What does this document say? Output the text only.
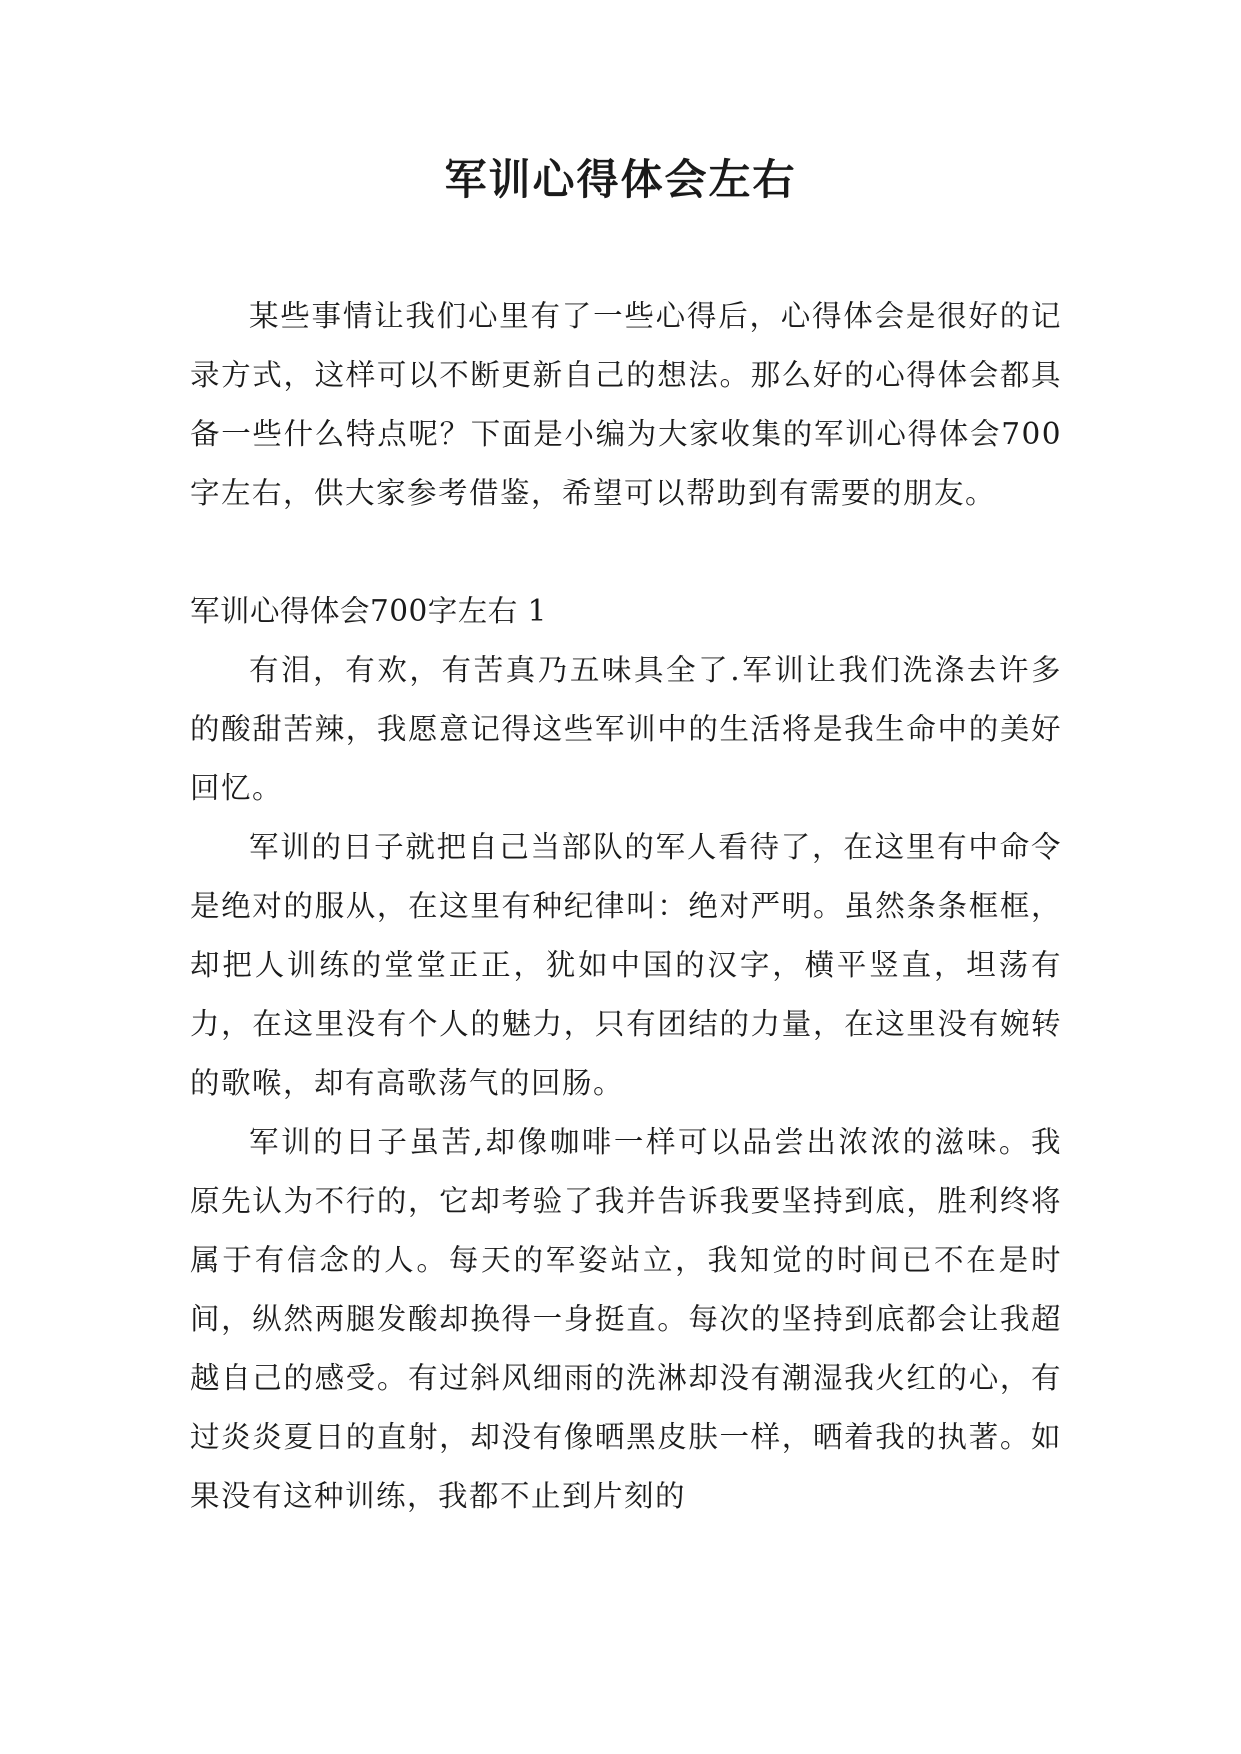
军训心得体会左右

某些事情让我们心里有了一些心得后，心得体会是很好的记录方式，这样可以不断更新自己的想法。那么好的心得体会都具备一些什么特点呢？下面是小编为大家收集的军训心得体会700字左右，供大家参考借鉴，希望可以帮助到有需要的朋友。

军训心得体会700字左右 1

有泪，有欢，有苦真乃五味具全了.军训让我们洗涤去许多的酸甜苦辣，我愿意记得这些军训中的生活将是我生命中的美好回忆。

军训的日子就把自己当部队的军人看待了，在这里有中命令是绝对的服从，在这里有种纪律叫：绝对严明。虽然条条框框，却把人训练的堂堂正正，犹如中国的汉字，横平竖直，坦荡有力，在这里没有个人的魅力，只有团结的力量，在这里没有婉转的歌喉，却有高歌荡气的回肠。

军训的日子虽苦,却像咖啡一样可以品尝出浓浓的滋味。我原先认为不行的，它却考验了我并告诉我要坚持到底，胜利终将属于有信念的人。每天的军姿站立，我知觉的时间已不在是时间，纵然两腿发酸却换得一身挺直。每次的坚持到底都会让我超越自己的感受。有过斜风细雨的洗淋却没有潮湿我火红的心，有过炎炎夏日的直射，却没有像晒黑皮肤一样，晒着我的执著。如果没有这种训练，我都不止到片刻的
